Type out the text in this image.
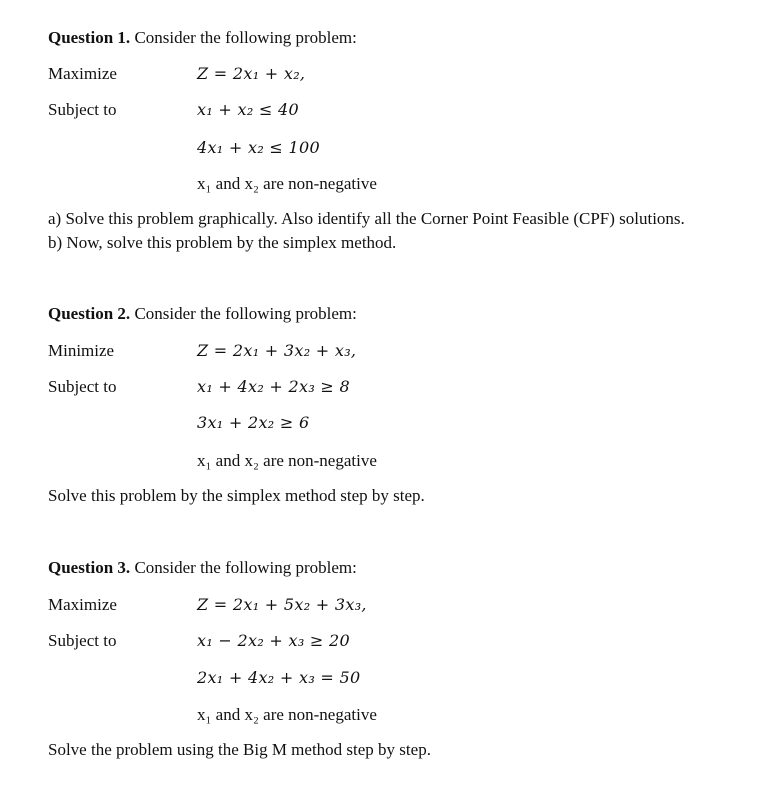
Question 1. Consider the following problem:
Maximize	Z = 2x₁ + x₂,
Subject to	x₁ + x₂ ≤ 40
4x₁ + x₂ ≤ 100
x₁ and x₂ are non-negative
a) Solve this problem graphically. Also identify all the Corner Point Feasible (CPF) solutions.
b) Now, solve this problem by the simplex method.
Question 2. Consider the following problem:
Minimize	Z = 2x₁ + 3x₂ + x₃,
Subject to	x₁ + 4x₂ + 2x₃ ≥ 8
3x₁ + 2x₂ ≥ 6
x₁ and x₂ are non-negative
Solve this problem by the simplex method step by step.
Question 3. Consider the following problem:
Maximize	Z = 2x₁ + 5x₂ + 3x₃,
Subject to	x₁ − 2x₂ + x₃ ≥ 20
2x₁ + 4x₂ + x₃ = 50
x₁ and x₂ are non-negative
Solve the problem using the Big M method step by step.
